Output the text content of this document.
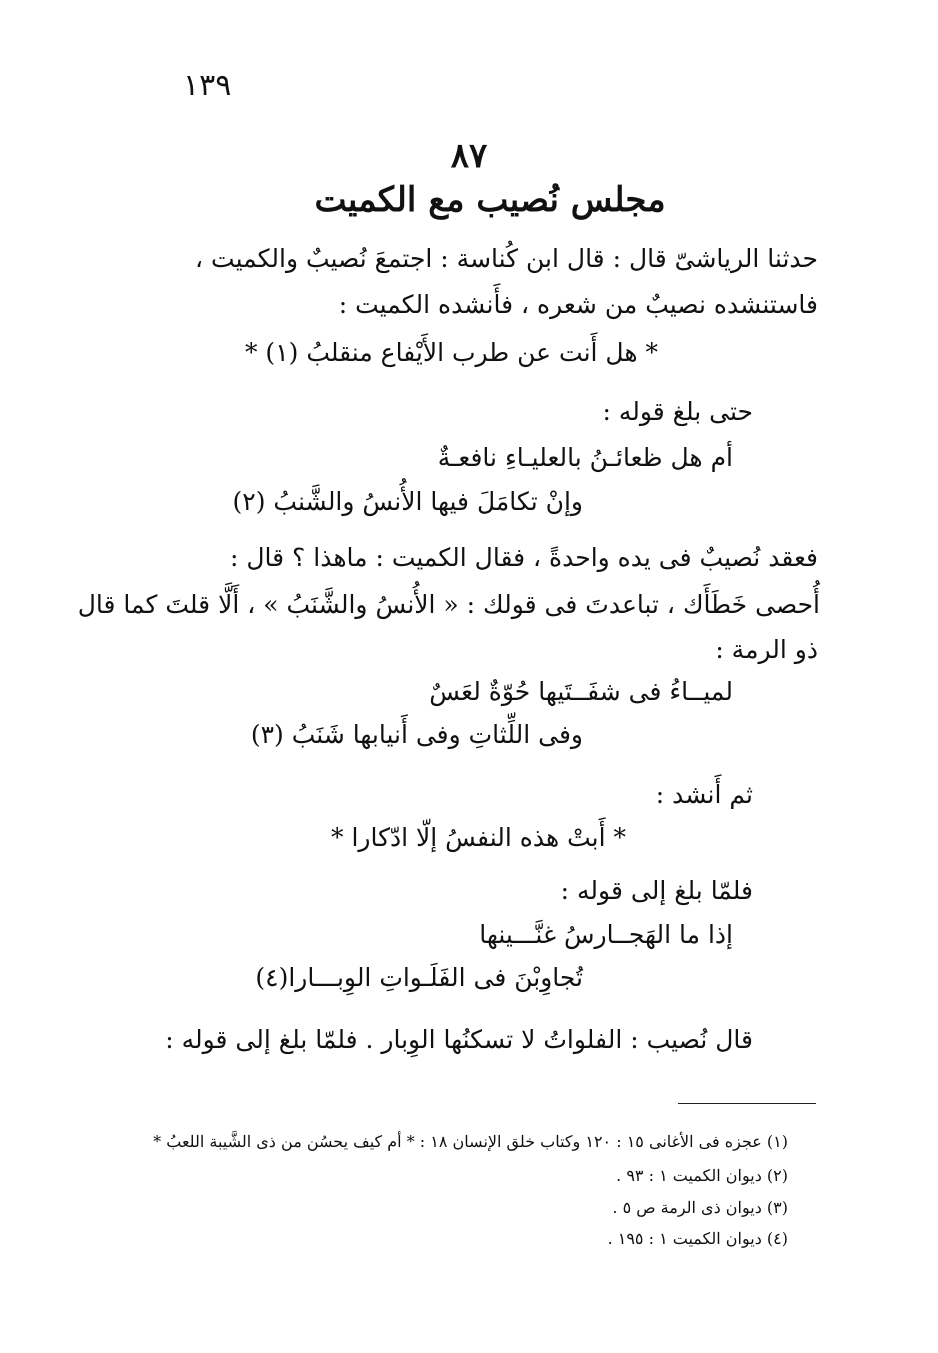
١٣٩
٨٧
مجلس نُصيب مع الكميت
حدثنا الرياشىّ قال : قال ابن كُناسة : اجتمعَ نُصيبٌ والكميت ،
فاستنشده نصيبٌ من شعره ، فأَنشده الكميت :
* هل أَنت عن طرب الأَيْفاع منقلبُ (١) *
حتى بلغ قوله :
أم هل ظعائـنُ بالعليـاءِ نافعـةٌ
وإنْ تكامَلَ فيها الأُنسُ والشَّنبُ (٢)
فعقد نُصيبٌ فى يده واحدةً ، فقال الكميت : ماهذا ؟ قال :
أُحصى خَطَأَك ، تباعدتَ فى قولك : « الأُنسُ والشَّنَبُ » ، أَلَّا قلتَ كما قال
ذو الرمة :
لميــاءُ فى شفَــتَيها حُوّةٌ لعَسٌ
وفى اللِّثاتِ وفى أَنيابها شَنَبُ (٣)
ثم أَنشد :
* أَبتْ هذه النفسُ إلّا ادّكارا *
فلمّا بلغ إلى قوله :
إذا ما الهَجــارسُ غنَّـــينها
تُجاوِبْنَ فى الفَلَـواتِ الوِبـــارا(٤)
قال نُصيب : الفلواتُ لا تسكنُها الوِبار . فلمّا بلغ إلى قوله :
(١) عجزه فى الأغانى ١٥ : ١٢٠ وكتاب خلق الإنسان ١٨ : * أم كيف يحسُن من ذى الشَّيبة اللعبُ *
(٢) ديوان الكميت ١ : ٩٣ .
(٣) ديوان ذى الرمة ص ٥ .
(٤) ديوان الكميت ١ : ١٩٥ .
